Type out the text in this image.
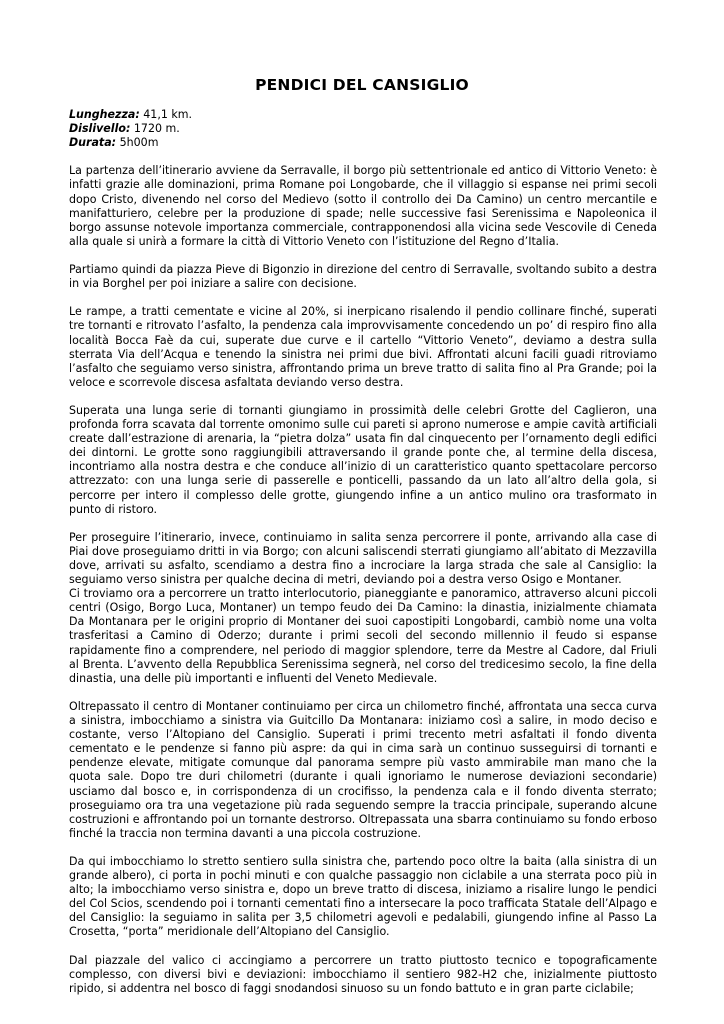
PENDICI DEL CANSIGLIO
Lunghezza: 41,1 km.
Dislivello: 1720 m.
Durata: 5h00m

La partenza dell’itinerario avviene da Serravalle, il borgo più settentrionale ed antico di Vittorio Veneto: è infatti grazie alle dominazioni, prima Romane poi Longobarde, che il villaggio si espanse nei primi secoli dopo Cristo, divenendo nel corso del Medievo (sotto il controllo dei Da Camino) un centro mercantile e manifatturiero, celebre per la produzione di spade; nelle successive fasi Serenissima e Napoleonica il borgo assunse notevole importanza commerciale, contrapponendosi alla vicina sede Vescovile di Ceneda alla quale si unirà a formare la città di Vittorio Veneto con l’istituzione del Regno d’Italia.

Partiamo quindi da piazza Pieve di Bigonzio in direzione del centro di Serravalle, svoltando subito a destra in via Borghel per poi iniziare a salire con decisione.

Le rampe, a tratti cementate e vicine al 20%, si inerpicano risalendo il pendio collinare finché, superati tre tornanti e ritrovato l’asfalto, la pendenza cala improvvisamente concedendo un po’ di respiro fino alla località Bocca Faè da cui, superate due curve e il cartello “Vittorio Veneto”, deviamo a destra sulla sterrata Via dell’Acqua e tenendo la sinistra nei primi due bivi. Affrontati alcuni facili guadi ritroviamo l’asfalto che seguiamo verso sinistra, affrontando prima un breve tratto di salita fino al Pra Grande; poi la veloce e scorrevole discesa asfaltata deviando verso destra.

Superata una lunga serie di tornanti giungiamo in prossimità delle celebri Grotte del Caglieron, una profonda forra scavata dal torrente omonimo sulle cui pareti si aprono numerose e ampie cavità artificiali create dall’estrazione di arenaria, la “pietra dolza” usata fin dal cinquecento per l’ornamento degli edifici dei dintorni. Le grotte sono raggiungibili attraversando il grande ponte che, al termine della discesa, incontriamo alla nostra destra e che conduce all’inizio di un caratteristico quanto spettacolare percorso attrezzato: con una lunga serie di passerelle e ponticelli, passando da un lato all’altro della gola, si percorre per intero il complesso delle grotte, giungendo infine a un antico mulino ora trasformato in punto di ristoro.

Per proseguire l’itinerario, invece, continuiamo in salita senza percorrere il ponte, arrivando alla case di Piai dove proseguiamo dritti in via Borgo; con alcuni saliscendi sterrati giungiamo all’abitato di Mezzavilla dove, arrivati su asfalto, scendiamo a destra fino a incrociare la larga strada che sale al Cansiglio: la seguiamo verso sinistra per qualche decina di metri, deviando poi a destra verso Osigo e Montaner.

Ci troviamo ora a percorrere un tratto interlocutorio, pianeggiante e panoramico, attraverso alcuni piccoli centri (Osigo, Borgo Luca, Montaner) un tempo feudo dei Da Camino: la dinastia, inizialmente chiamata Da Montanara per le origini proprio di Montaner dei suoi capostipiti Longobardi, cambiò nome una volta trasferitasi a Camino di Oderzo; durante i primi secoli del secondo millennio il feudo si espanse rapidamente fino a comprendere, nel periodo di maggior splendore, terre da Mestre al Cadore, dal Friuli al Brenta. L’avvento della Repubblica Serenissima segnerà, nel corso del tredicesimo secolo, la fine della dinastia, una delle più importanti e influenti del Veneto Medievale.

Oltrepassato il centro di Montaner continuiamo per circa un chilometro finché, affrontata una secca curva a sinistra, imbocchiamo a sinistra via Guitcillo Da Montanara: iniziamo così a salire, in modo deciso e costante, verso l’Altopiano del Cansiglio. Superati i primi trecento metri asfaltati il fondo diventa cementato e le pendenze si fanno più aspre: da qui in cima sarà un continuo susseguirsi di tornanti e pendenze elevate, mitigate comunque dal panorama sempre più vasto ammirabile man mano che la quota sale. Dopo tre duri chilometri (durante i quali ignoriamo le numerose deviazioni secondarie) usciamo dal bosco e, in corrispondenza di un crocifisso, la pendenza cala e il fondo diventa sterrato; proseguiamo ora tra una vegetazione più rada seguendo sempre la traccia principale, superando alcune costruzioni e affrontando poi un tornante destrorso. Oltrepassata una sbarra continuiamo su fondo erboso finché la traccia non termina davanti a una piccola costruzione.

Da qui imbocchiamo lo stretto sentiero sulla sinistra che, partendo poco oltre la baita (alla sinistra di un grande albero), ci porta in pochi minuti e con qualche passaggio non ciclabile a una sterrata poco più in alto; la imbocchiamo verso sinistra e, dopo un breve tratto di discesa, iniziamo a risalire lungo le pendici del Col Scios, scendendo poi i tornanti cementati fino a intersecare la poco trafficata Statale dell’Alpago e del Cansiglio: la seguiamo in salita per 3,5 chilometri agevoli e pedalabili, giungendo infine al Passo La Crosetta, “porta” meridionale dell’Altopiano del Cansiglio.

Dal piazzale del valico ci accingiamo a percorrere un tratto piuttosto tecnico e topograficamente complesso, con diversi bivi e deviazioni: imbocchiamo il sentiero 982-H2 che, inizialmente piuttosto ripido, si addentra nel bosco di faggi snodandosi sinuoso su un fondo battuto e in gran parte ciclabile;
